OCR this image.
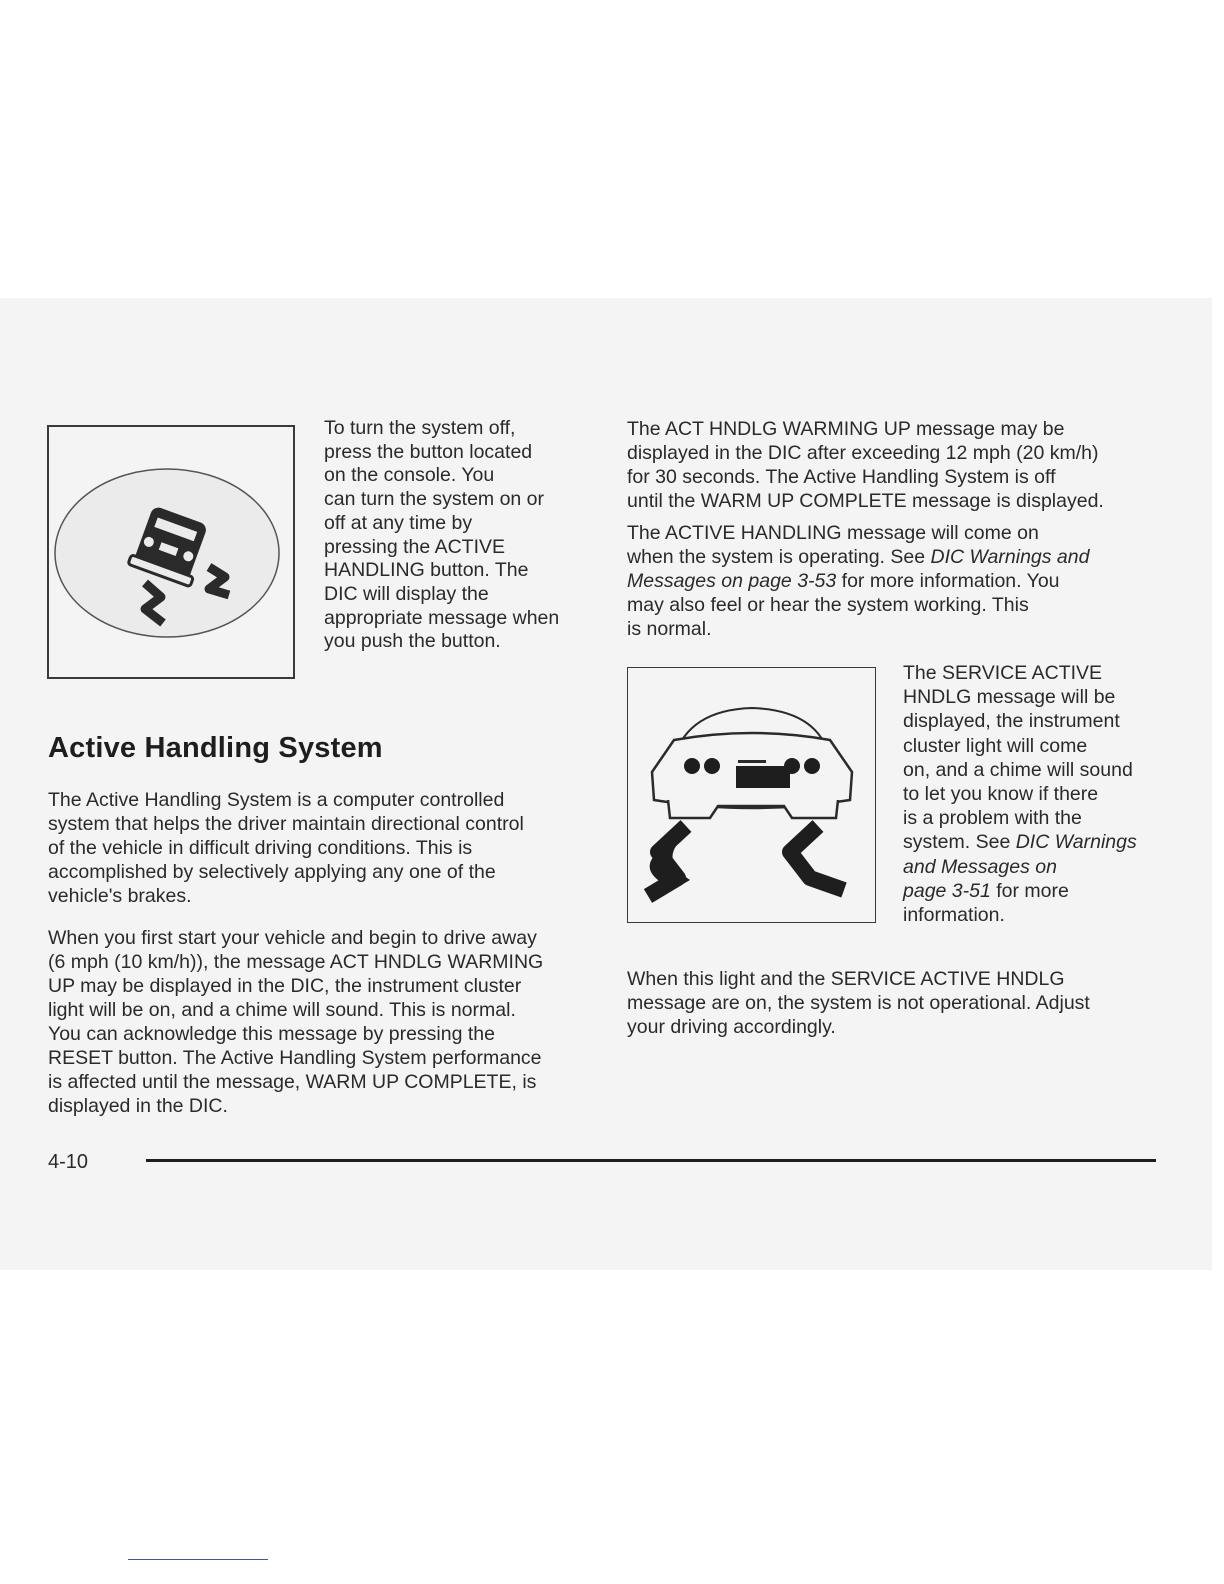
To turn the system off,
press the button located
on the console. You
can turn the system on or
off at any time by
pressing the ACTIVE
HANDLING button. The
DIC will display the
appropriate message when
you push the button.
Active Handling System
The Active Handling System is a computer controlled
system that helps the driver maintain directional control
of the vehicle in difficult driving conditions. This is
accomplished by selectively applying any one of the
vehicle's brakes.
When you first start your vehicle and begin to drive away
(6 mph (10 km/h)), the message ACT HNDLG WARMING
UP may be displayed in the DIC, the instrument cluster
light will be on, and a chime will sound. This is normal.
You can acknowledge this message by pressing the
RESET button. The Active Handling System performance
is affected until the message, WARM UP COMPLETE, is
displayed in the DIC.
The ACT HNDLG WARMING UP message may be
displayed in the DIC after exceeding 12 mph (20 km/h)
for 30 seconds. The Active Handling System is off
until the WARM UP COMPLETE message is displayed.
The ACTIVE HANDLING message will come on
when the system is operating. See DIC Warnings and
Messages on page 3-53 for more information. You
may also feel or hear the system working. This
is normal.
The SERVICE ACTIVE
HNDLG message will be
displayed, the instrument
cluster light will come
on, and a chime will sound
to let you know if there
is a problem with the
system. See DIC Warnings
and Messages on
page 3-51 for more
information.
When this light and the SERVICE ACTIVE HNDLG
message are on, the system is not operational. Adjust
your driving accordingly.

4-10
